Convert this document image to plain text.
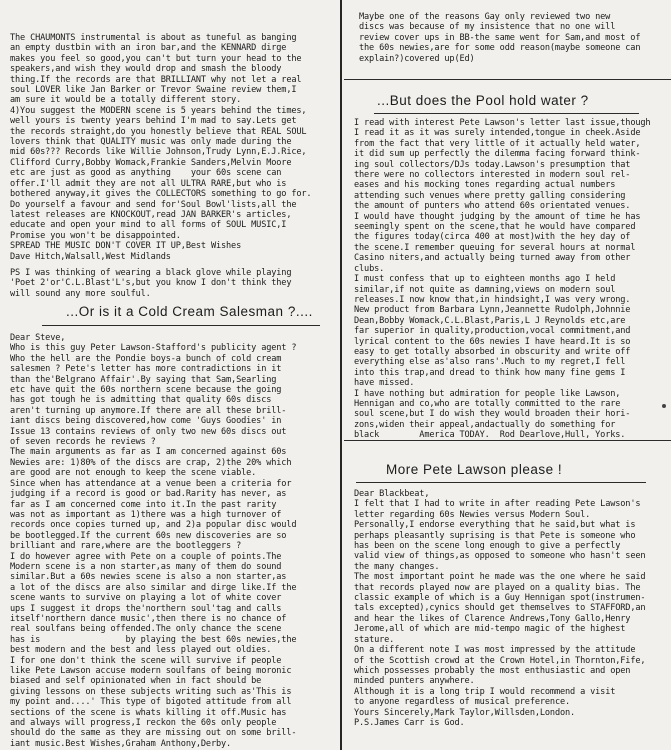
The CHAUMONTS instrumental is about as tuneful as banging

an empty dustbin with an iron bar,and the KENNARD dirge

makes you feel so good,you can't but turn your head to the

speakers,and wish they would drop and smash the bloody

thing.If the records are that BRILLIANT why not let a real

soul LOVER like Jan Barker or Trevor Swaine review them,I

am sure it would be a totally different story.

4)You suggest the MODERN scene is 5 years behind the times,

well yours is twenty years behind I'm mad to say.Lets get

the records straight,do you honestly believe that REAL SOUL

lovers think that QUALITY music was only made during the

mid 60s??? Records like Willie Johnson,Trudy Lynn,E.J.Rice,

Clifford Curry,Bobby Womack,Frankie Sanders,Melvin Moore

etc are just as good as anything    your 60s scene can

offer.I'll admit they are not all ULTRA RARE,but who is

bothered anyway,it gives the COLLECTORS something to go for.

Do yourself a favour and send for'Soul Bowl'lists,all the

latest releases are KNOCKOUT,read JAN BARKER's articles,

educate and open your mind to all forms of SOUL MUSIC,I

Promise you won't be disappointed.

SPREAD THE MUSIC DON'T COVER IT UP,Best Wishes

Dave Hitch,Walsall,West Midlands

PS I was thinking of wearing a black glove while playing

'Poet 2'or'C.L.Blast'L's,but you know I don't think they

will sound any more soulful.

...Or is it a Cold Cream Salesman ?....

Dear Steve,

Who is this guy Peter Lawson-Stafford's publicity agent ?

Who the hell are the Pondie boys-a bunch of cold cream

salesmen ? Pete's letter has more contradictions in it

than the'Belgrano Affair'.By saying that Sam,Searling

etc have quit the 60s northern scene because the going

has got tough he is admitting that quality 60s discs

aren't turning up anymore.If there are all these brill-

iant discs being discovered,how come 'Guys Goodies' in

Issue 13 contains reviews of only two new 60s discs out

of seven records he reviews ?

The main arguments as far as I am concerned against 60s

Newies are: 1)80% of the discs are crap, 2)the 20% which

are good are not enough to keep the scene viable.

Since when has attendance at a venue been a criteria for

judging if a record is good or bad.Rarity has never, as

far as I am concerned come into it.In the past rarity

was not as important as 1)there was a high turnover of

records once copies turned up, and 2)a popular disc would

be bootlegged.If the current 60s new discoveries are so

brilliant and rare,where are the bootleggers ?

I do however agree with Pete on a couple of points.The

Modern scene is a non starter,as many of them do sound

similar.But a 60s newies scene is also a non starter,as

a lot of the discs are also similar and dirge like.If the

scene wants to survive on playing a lot of white cover

ups I suggest it drops the'northern soul'tag and calls

itself'northern dance music',then there is no chance of

real soulfans being offended.The only chance the scene

has is                 by playing the best 60s newies,the

best modern and the best and less played out oldies.

I for one don't think the scene will survive if people

like Pete Lawson accuse modern soulfans of being moronic

biased and self opinionated when in fact should be

giving lessons on these subjects writing such as'This is

my point and....' This type of bigoted attitude from all

sections of the scene is whats killing it off.Music has

and always will progress,I reckon the 60s only people

should do the same as they are missing out on some brill-

iant music.Best Wishes,Graham Anthony,Derby.

Maybe one of the reasons Gay only reviewed two new

discs was because of my insistence that no one will

review cover ups in BB-the same went for Sam,and most of

the 60s newies,are for some odd reason(maybe someone can

explain?)covered up(Ed)

...But does the Pool hold water ?

I read with interest Pete Lawson's letter last issue,though

I read it as it was surely intended,tongue in cheek.Aside

from the fact that very little of it actually held water,

it did sum up perfectly the dilemma facing forward think-

ing soul collectors/DJs today.Lawson's presumption that

there were no collectors interested in modern soul rel-

eases and his mocking tones regarding actual numbers

attending such venues where pretty galling considering

the amount of punters who attend 60s orientated venues.

I would have thought judging by the amount of time he has

seemingly spent on the scene,that he would have compared

the figures today(circa 400 at most)with the hey day of

the scene.I remember queuing for several hours at normal

Casino niters,and actually being turned away from other

clubs.

I must confess that up to eighteen months ago I held

similar,if not quite as damning,views on modern soul

releases.I now know that,in hindsight,I was very wrong.

New product from Barbara Lynn,Jeannette Rudolph,Johnnie

Dean,Bobby Womack,C.L.Blast,Paris,L J Reynolds etc,are

far superior in quality,production,vocal commitment,and

lyrical content to the 60s newies I have heard.It is so

easy to get totally absorbed in obscurity and write off

everything else as'also rans'.Much to my regret,I fell

into this trap,and dread to think how many fine gems I

have missed.

I have nothing but admiration for people like Lawson,

Hennigan and co,who are totally committed to the rare

soul scene,but I do wish they would broaden their hori-

zons,widen their appeal,andactually do something for

black        America TODAY.  Rod Dearlove,Hull, Yorks.

More Pete Lawson please !

Dear Blackbeat,

I felt that I had to write in after reading Pete Lawson's

letter regarding 60s Newies versus Modern Soul.

Personally,I endorse everything that he said,but what is

perhaps pleasantly suprising is that Pete is someone who

has been on the scene long enough to give a perfectly

valid view of things,as opposed to someone who hasn't seen

the many changes.

The most important point he made was the one where he said

that records played now are played on a quality bias. The

classic example of which is a Guy Hennigan spot(instrumen-

tals excepted),cynics should get themselves to STAFFORD,an

and hear the likes of Clarence Andrews,Tony Gallo,Henry

Jerome,all of which are mid-tempo magic of the highest

stature.

On a different note I was most impressed by the attitude

of the Scottish crowd at the Crown Hotel,in Thornton,Fife,

which possesses probably the most enthusiastic and open

minded punters anywhere.

Although it is a long trip I would recommend a visit

to anyone regardless of musical preference.

Yours Sincerely,Mark Taylor,Willsden,London.

P.S.James Carr is God.
